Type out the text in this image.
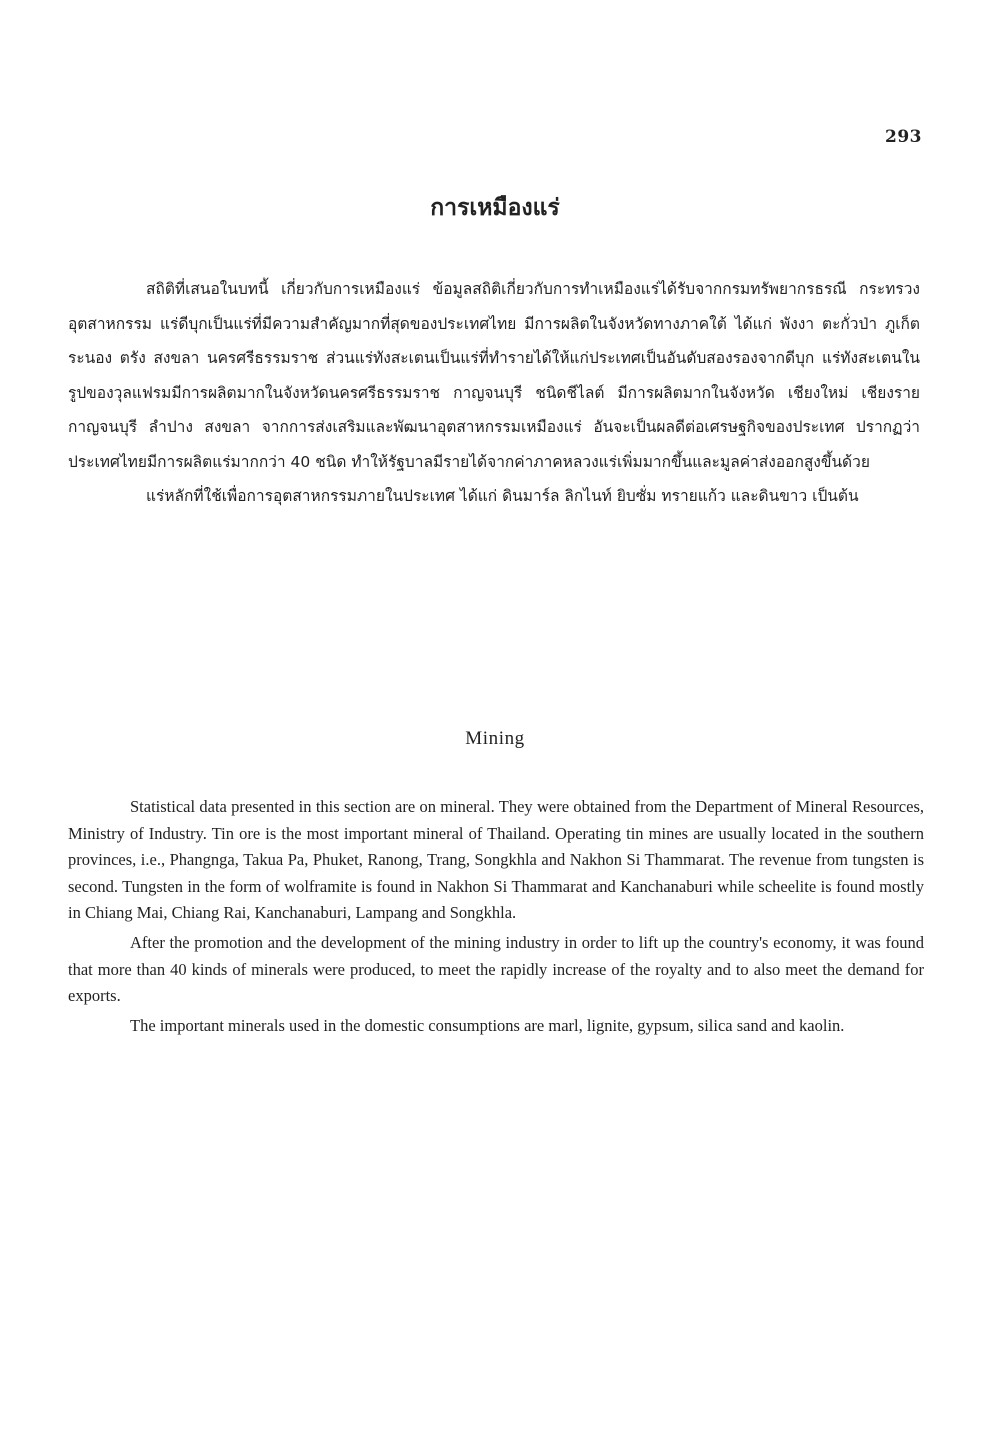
293
การเหมืองแร่

สถิติที่เสนอในบทนี้ เกี่ยวกับการเหมืองแร่ ข้อมูลสถิติเกี่ยวกับการทำเหมืองแร่ได้รับจากกรมทรัพยากรธรณี กระทรวงอุตสาหกรรม แร่ดีบุกเป็นแร่ที่มีความสำคัญมากที่สุดของประเทศไทย มีการผลิตในจังหวัดทางภาคใต้ ได้แก่ พังงา ตะกั่วป่า ภูเก็ต ระนอง ตรัง สงขลา นครศรีธรรมราช ส่วนแร่ทังสะเตนเป็นแร่ที่ทำรายได้ให้แก่ประเทศเป็นอันดับสองรองจากดีบุก แร่ทังสะเตนในรูปของวุลแฟรมมีการผลิตมากในจังหวัดนครศรีธรรมราช กาญจนบุรี ชนิดชีไลต์ มีการผลิตมากในจังหวัด เชียงใหม่ เชียงราย กาญจนบุรี ลำปาง สงขลา จากการส่งเสริมและพัฒนาอุตสาหกรรมเหมืองแร่ อันจะเป็นผลดีต่อเศรษฐกิจของประเทศ ปรากฏว่าประเทศไทยมีการผลิตแร่มากกว่า 40 ชนิด ทำให้รัฐบาลมีรายได้จากค่าภาคหลวงแร่เพิ่มมากขึ้นและมูลค่าส่งออกสูงขึ้นด้วย

แร่หลักที่ใช้เพื่อการอุตสาหกรรมภายในประเทศ ได้แก่ ดินมาร์ล ลิกไนท์ ยิบซั่ม ทรายแก้ว และดินขาว เป็นต้น

Mining

Statistical data presented in this section are on mineral. They were obtained from the Department of Mineral Resources, Ministry of Industry. Tin ore is the most important mineral of Thailand. Operating tin mines are usually located in the southern provinces, i.e., Phangnga, Takua Pa, Phuket, Ranong, Trang, Songkhla and Nakhon Si Thammarat. The revenue from tungsten is second. Tungsten in the form of wolframite is found in Nakhon Si Thammarat and Kanchanaburi while scheelite is found mostly in Chiang Mai, Chiang Rai, Kanchanaburi, Lampang and Songkhla.

After the promotion and the development of the mining industry in order to lift up the country's economy, it was found that more than 40 kinds of minerals were produced, to meet the rapidly increase of the royalty and to also meet the demand for exports.

The important minerals used in the domestic consumptions are marl, lignite, gypsum, silica sand and kaolin.
